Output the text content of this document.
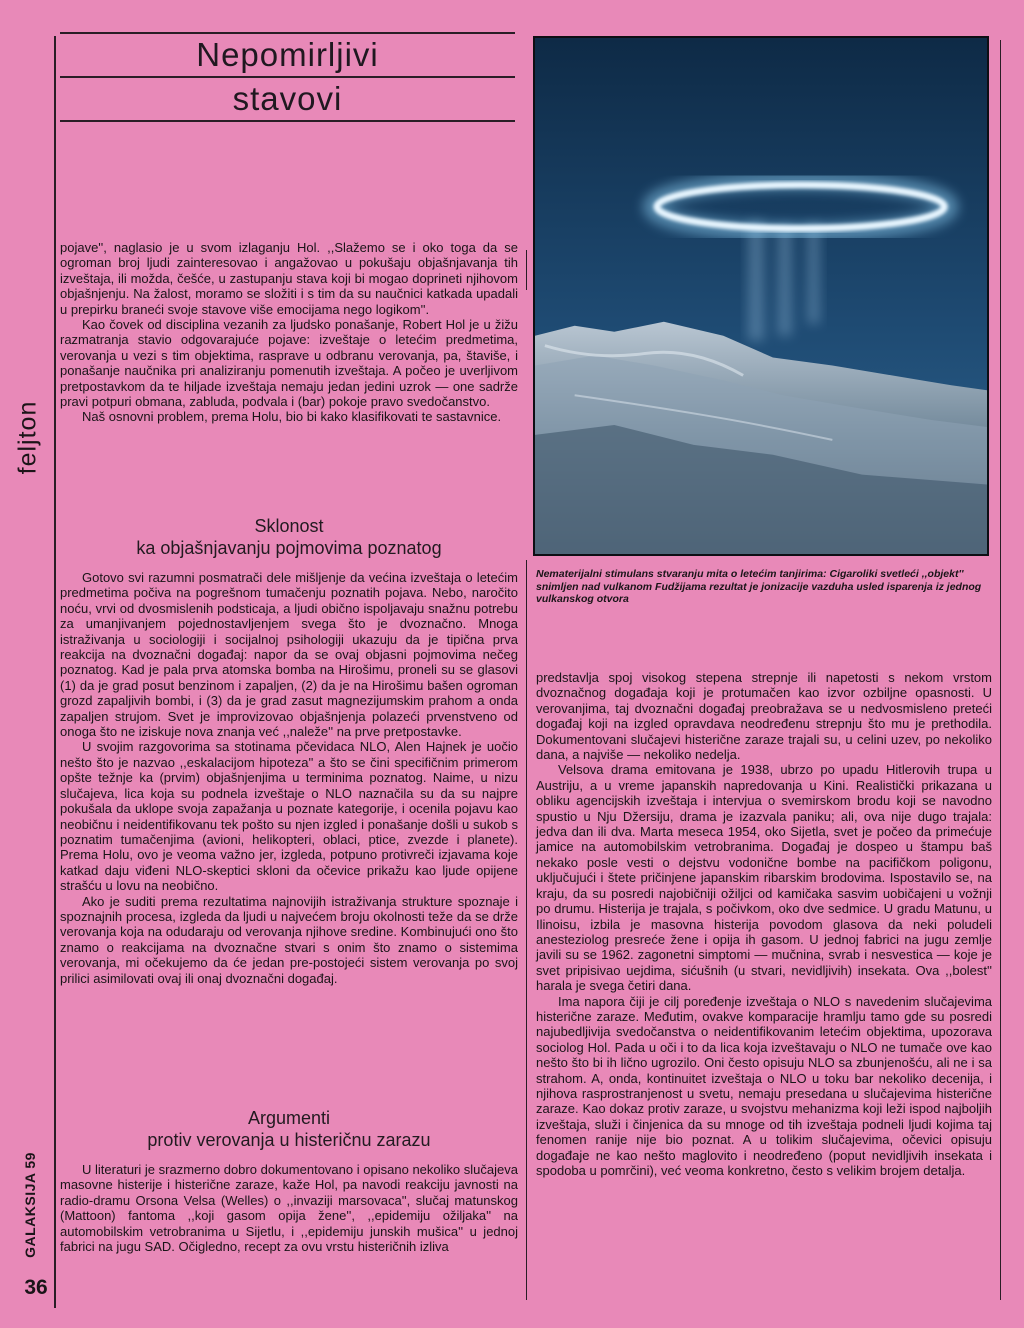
feljton
GALAKSIJA 59
36
Nepomirljivi
stavovi

pojave'', naglasio je u svom izlaganju Hol. ,,Slažemo se i oko toga da se ogroman broj ljudi zainteresovao i angažovao u pokušaju objašnjavanja tih izveštaja, ili možda, češće, u zastupanju stava koji bi mogao doprineti njihovom objašnjenju. Na žalost, moramo se složiti i s tim da su naučnici katkada upadali u prepirku braneći svoje stavove više emocijama nego logikom''.

Kao čovek od disciplina vezanih za ljudsko ponašanje, Robert Hol je u žižu razmatranja stavio odgovarajuće pojave: izveštaje o letećim predmetima, verovanja u vezi s tim objektima, rasprave u odbranu verovanja, pa, štaviše, i ponašanje naučnika pri analiziranju pomenutih izveštaja. A počeo je uverljivom pretpostavkom da te hiljade izveštaja nemaju jedan jedini uzrok — one sadrže pravi potpuri obmana, zabluda, podvala i (bar) pokoje pravo svedočanstvo.

Naš osnovni problem, prema Holu, bio bi kako klasifikovati te sastavnice.

Sklonost
ka objašnjavanju pojmovima poznatog

Gotovo svi razumni posmatrači dele mišljenje da većina izveštaja o letećim predmetima počiva na pogrešnom tumačenju poznatih pojava. Nebo, naročito noću, vrvi od dvosmislenih podsticaja, a ljudi obično ispoljavaju snažnu potrebu za umanjivanjem pojednostavljenjem svega što je dvoznačno. Mnoga istraživanja u sociologiji i socijalnoj psihologiji ukazuju da je tipična prva reakcija na dvoznačni događaj: napor da se ovaj objasni pojmovima nečeg poznatog. Kad je pala prva atomska bomba na Hirošimu, proneli su se glasovi (1) da je grad posut benzinom i zapaljen, (2) da je na Hirošimu bašen ogroman grozd zapaljivih bombi, i (3) da je grad zasut magnezijumskim prahom a onda zapaljen strujom. Svet je improvizovao objašnjenja polazeći prvenstveno od onoga što ne iziskuje nova znanja već ,,naleže'' na prve pretpostavke.

U svojim razgovorima sa stotinama pčevidaca NLO, Alen Hajnek je uočio nešto što je nazvao ,,eskalacijom hipoteza'' a što se čini specifičnim primerom opšte težnje ka (prvim) objašnjenjima u terminima poznatog. Naime, u nizu slučajeva, lica koja su podnela izveštaje o NLO naznačila su da su najpre pokušala da uklope svoja zapažanja u poznate kategorije, i ocenila pojavu kao neobičnu i neidentifikovanu tek pošto su njen izgled i ponašanje došli u sukob s poznatim tumačenjima (avioni, helikopteri, oblaci, ptice, zvezde i planete). Prema Holu, ovo je veoma važno jer, izgleda, potpuno protivreči izjavama koje katkad daju viđeni NLO-skeptici skloni da očevice prikažu kao ljude opijene strašću u lovu na neobično.

Ako je suditi prema rezultatima najnovijih istraživanja strukture spoznaje i spoznajnih procesa, izgleda da ljudi u najvećem broju okolnosti teže da se drže verovanja koja na odudaraju od verovanja njihove sredine. Kombinujući ono što znamo o reakcijama na dvoznačne stvari s onim što znamo o sistemima verovanja, mi očekujemo da će jedan pre-postojeći sistem verovanja po svoj prilici asimilovati ovaj ili onaj dvoznačni događaj.

Argumenti
protiv verovanja u histeričnu zarazu

U literaturi je srazmerno dobro dokumentovano i opisano nekoliko slučajeva masovne histerije i histerične zaraze, kaže Hol, pa navodi reakciju javnosti na radio-dramu Orsona Velsa (Welles) o ,,invaziji marsovaca'', slučaj matunskog (Mattoon) fantoma ,,koji gasom opija žene'', ,,epidemiju ožiljaka'' na automobilskim vetrobranima u Sijetlu, i ,,epidemiju junskih mušica'' u jednoj fabrici na jugu SAD. Očigledno, recept za ovu vrstu histeričnih izliva

Nematerijalni stimulans stvaranju mita o letećim tanjirima: Cigaroliki svetleći ,,objekt'' snimljen nad vulkanom Fudžijama rezultat je jonizacije vazduha usled isparenja iz jednog vulkanskog otvora

predstavlja spoj visokog stepena strepnje ili napetosti s nekom vrstom dvoznačnog događaja koji je protumačen kao izvor ozbiljne opasnosti. U verovanjima, taj dvoznačni događaj preobražava se u nedvosmisleno preteći događaj koji na izgled opravdava neodređenu strepnju što mu je prethodila. Dokumentovani slučajevi histerične zaraze trajali su, u celini uzev, po nekoliko dana, a najviše — nekoliko nedelja.

Velsova drama emitovana je 1938, ubrzo po upadu Hitlerovih trupa u Austriju, a u vreme japanskih napredovanja u Kini. Realistički prikazana u obliku agencijskih izveštaja i intervjua o svemirskom brodu koji se navodno spustio u Nju Džersiju, drama je izazvala paniku; ali, ova nije dugo trajala: jedva dan ili dva. Marta meseca 1954, oko Sijetla, svet je počeo da primećuje jamice na automobilskim vetrobranima. Događaj je dospeo u štampu baš nekako posle vesti o dejstvu vodonične bombe na pacifičkom poligonu, uključujući i štete pričinjene japanskim ribarskim brodovima. Ispostavilo se, na kraju, da su posredi najobičniji ožiljci od kamičaka sasvim uobičajeni u vožnji po drumu. Histerija je trajala, s počivkom, oko dve sedmice. U gradu Matunu, u Ilinoisu, izbila je masovna histerija povodom glasova da neki poludeli anesteziolog presreće žene i opija ih gasom. U jednoj fabrici na jugu zemlje javili su se 1962. zagonetni simptomi — mučnina, svrab i nesvestica — koje je svet pripisivao uejdima, sićušnih (u stvari, nevidljivih) insekata. Ova ,,bolest'' harala je svega četiri dana.

Ima napora čiji je cilj poređenje izveštaja o NLO s navedenim slučajevima histerične zaraze. Međutim, ovakve komparacije hramlju tamo gde su posredi najubedljivija svedočanstva o neidentifikovanim letećim objektima, upozorava sociolog Hol. Pada u oči i to da lica koja izveštavaju o NLO ne tumače ove kao nešto što bi ih lično ugrozilo. Oni često opisuju NLO sa zbunjenošću, ali ne i sa strahom. A, onda, kontinuitet izveštaja o NLO u toku bar nekoliko decenija, i njihova rasprostranjenost u svetu, nemaju presedana u slučajevima histerične zaraze. Kao dokaz protiv zaraze, u svojstvu mehanizma koji leži ispod najboljih izveštaja, služi i činjenica da su mnoge od tih izveštaja podneli ljudi kojima taj fenomen ranije nije bio poznat. A u tolikim slučajevima, očevici opisuju događaje ne kao nešto maglovito i neodređeno (poput nevidljivih insekata i spodoba u pomrčini), već veoma konkretno, često s velikim brojem detalja.
